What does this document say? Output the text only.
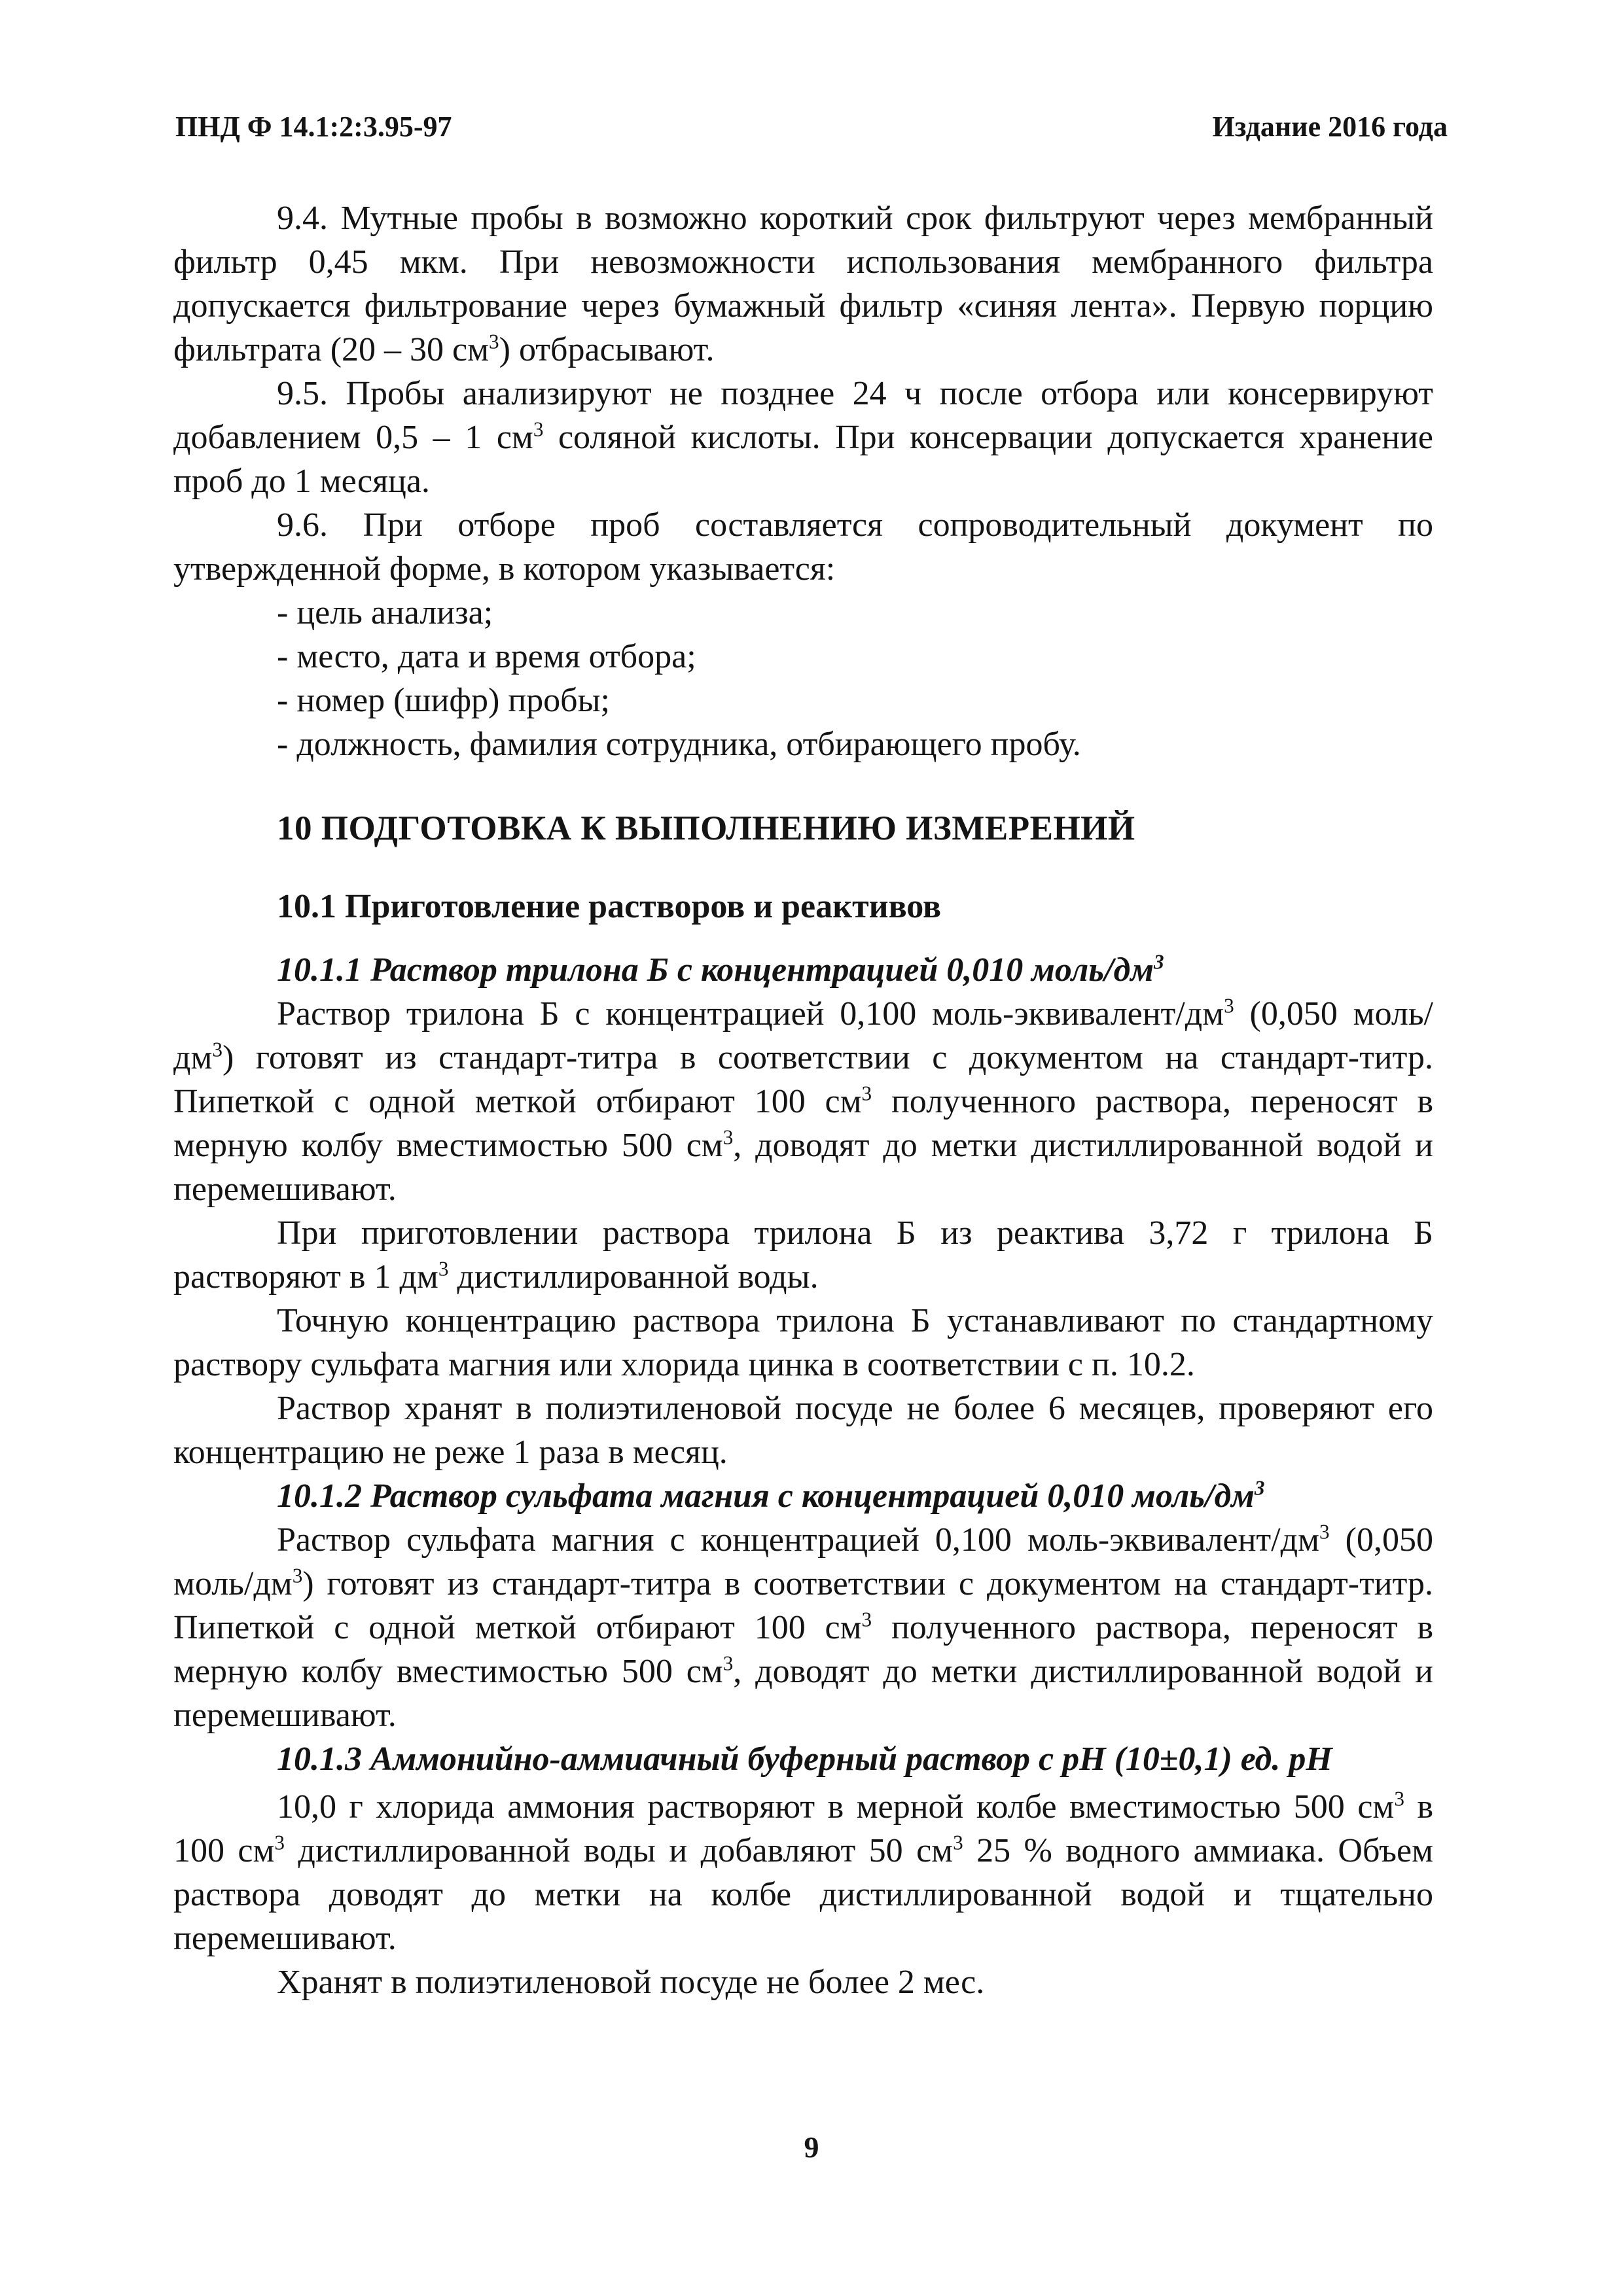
ПНД Ф 14.1:2:3.95-97	Издание 2016 года

9.4. Мутные пробы в возможно короткий срок фильтруют через мембранный фильтр 0,45 мкм. При невозможности использования мембранного фильтра допускается фильтрование через бумажный фильтр «синяя лента». Первую порцию фильтрата (20 – 30 $см^3$) отбрасывают.

9.5. Пробы анализируют не позднее 24 ч после отбора или консервируют добавлением 0,5 – 1 $см^3$ соляной кислоты. При консервации допускается хранение проб до 1 месяца.

9.6. При отборе проб составляется сопроводительный документ по утвержденной форме, в котором указывается:

- цель анализа;

- место, дата и время отбора;

- номер (шифр) пробы;

- должность, фамилия сотрудника, отбирающего пробу.

10 ПОДГОТОВКА К ВЫПОЛНЕНИЮ ИЗМЕРЕНИЙ
10.1 Приготовление растворов и реактивов

10.1.1 Раствор трилона Б с концентрацией 0,010 моль/$дм^3$

Раствор трилона Б с концентрацией 0,100 моль-$эквивалент/дм^3$ (0,050 моль/$дм^3$) готовят из стандарт-титра в соответствии с документом на стандарт-титр. Пипеткой с одной меткой отбирают 100 $см^3$ полученного раствора, переносят в мерную колбу вместимостью 500 $см^3$, доводят до метки дистиллированной водой и перемешивают.

При приготовлении раствора трилона Б из реактива 3,72 г трилона Б растворяют в 1 $дм^3$ дистиллированной воды.

Точную концентрацию раствора трилона Б устанавливают по стандартному раствору сульфата магния или хлорида цинка в соответствии с п. 10.2.

Раствор хранят в полиэтиленовой посуде не более 6 месяцев, проверяют его концентрацию не реже 1 раза в месяц.

10.1.2 Раствор сульфата магния с концентрацией 0,010 моль/$дм^3$

Раствор сульфата магния с концентрацией 0,100 моль-$эквивалент/дм^3$ (0,050 моль/$дм^3$) готовят из стандарт-титра в соответствии с документом на стандарт-титр. Пипеткой с одной меткой отбирают 100 $см^3$ полученного раствора, переносят в мерную колбу вместимостью 500 $см^3$, доводят до метки дистиллированной водой и перемешивают.

10.1.3 Аммонийно-аммиачный буферный раствор с pH (10±0,1) ед. pH

10,0 г хлорида аммония растворяют в мерной колбе вместимостью 500 $см^3$ в 100 $см^3$ дистиллированной воды и добавляют 50 $см^3$ 25 % водного аммиака. Объем раствора доводят до метки на колбе дистиллированной водой и тщательно перемешивают.

Хранят в полиэтиленовой посуде не более 2 мес.

9
